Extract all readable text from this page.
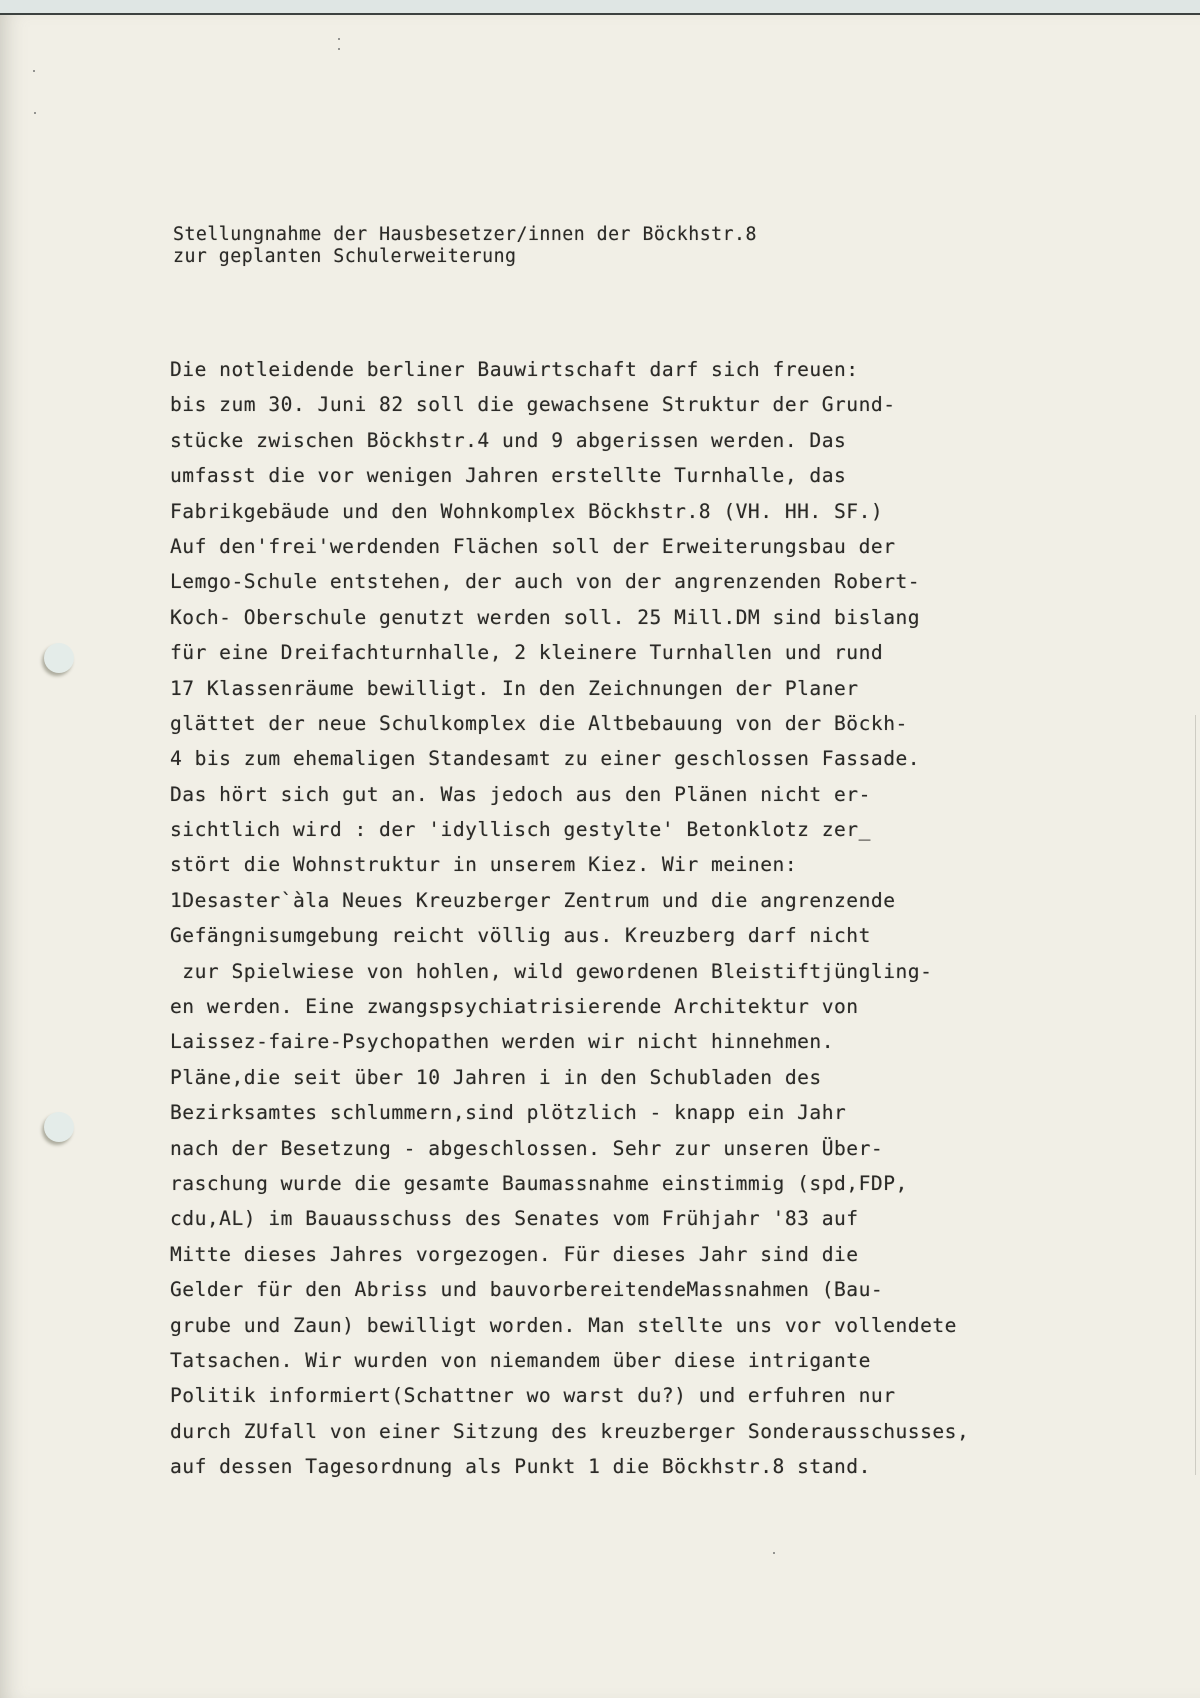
Stellungnahme der Hausbesetzer/innen der Böckhstr.8
zur geplanten Schulerweiterung
Die notleidende berliner Bauwirtschaft darf sich freuen:
bis zum 30. Juni 82 soll die gewachsene Struktur der Grund-
stücke zwischen Böckhstr.4 und 9 abgerissen werden. Das
umfasst die vor wenigen Jahren erstellte Turnhalle, das
Fabrikgebäude und den Wohnkomplex Böckhstr.8 (VH. HH. SF.)
Auf den'frei'werdenden Flächen soll der Erweiterungsbau der
Lemgo-Schule entstehen, der auch von der angrenzenden Robert-
Koch- Oberschule genutzt werden soll. 25 Mill.DM sind bislang
für eine Dreifachturnhalle, 2 kleinere Turnhallen und rund
17 Klassenräume bewilligt. In den Zeichnungen der Planer
glättet der neue Schulkomplex die Altbebauung von der Böckh-
4 bis zum ehemaligen Standesamt zu einer geschlossen Fassade.
Das hört sich gut an. Was jedoch aus den Plänen nicht er-
sichtlich wird : der 'idyllisch gestylte' Betonklotz zer_
stört die Wohnstruktur in unserem Kiez. Wir meinen:
1Desaster`àla Neues Kreuzberger Zentrum und die angrenzende
Gefängnisumgebung reicht völlig aus. Kreuzberg darf nicht
zur Spielwiese von hohlen, wild gewordenen Bleistiftjüngling-
en werden. Eine zwangspsychiatrisierende Architektur von
Laissez-faire-Psychopathen werden wir nicht hinnehmen.
Pläne,die seit über 10 Jahren i in den Schubladen des
Bezirksamtes schlummern,sind plötzlich - knapp ein Jahr
nach der Besetzung - abgeschlossen. Sehr zur unseren Über-
raschung wurde die gesamte Baumassnahme einstimmig (spd,FDP,
cdu,AL) im Bauausschuss des Senates vom Frühjahr '83 auf
Mitte dieses Jahres vorgezogen. Für dieses Jahr sind die
Gelder für den Abriss und bauvorbereitendeMassnahmen (Bau-
grube und Zaun) bewilligt worden. Man stellte uns vor vollendete
Tatsachen. Wir wurden von niemandem über diese intrigante
Politik informiert(Schattner wo warst du?) und erfuhren nur
durch ZUfall von einer Sitzung des kreuzberger Sonderausschusses,
auf dessen Tagesordnung als Punkt 1 die Böckhstr.8 stand.
